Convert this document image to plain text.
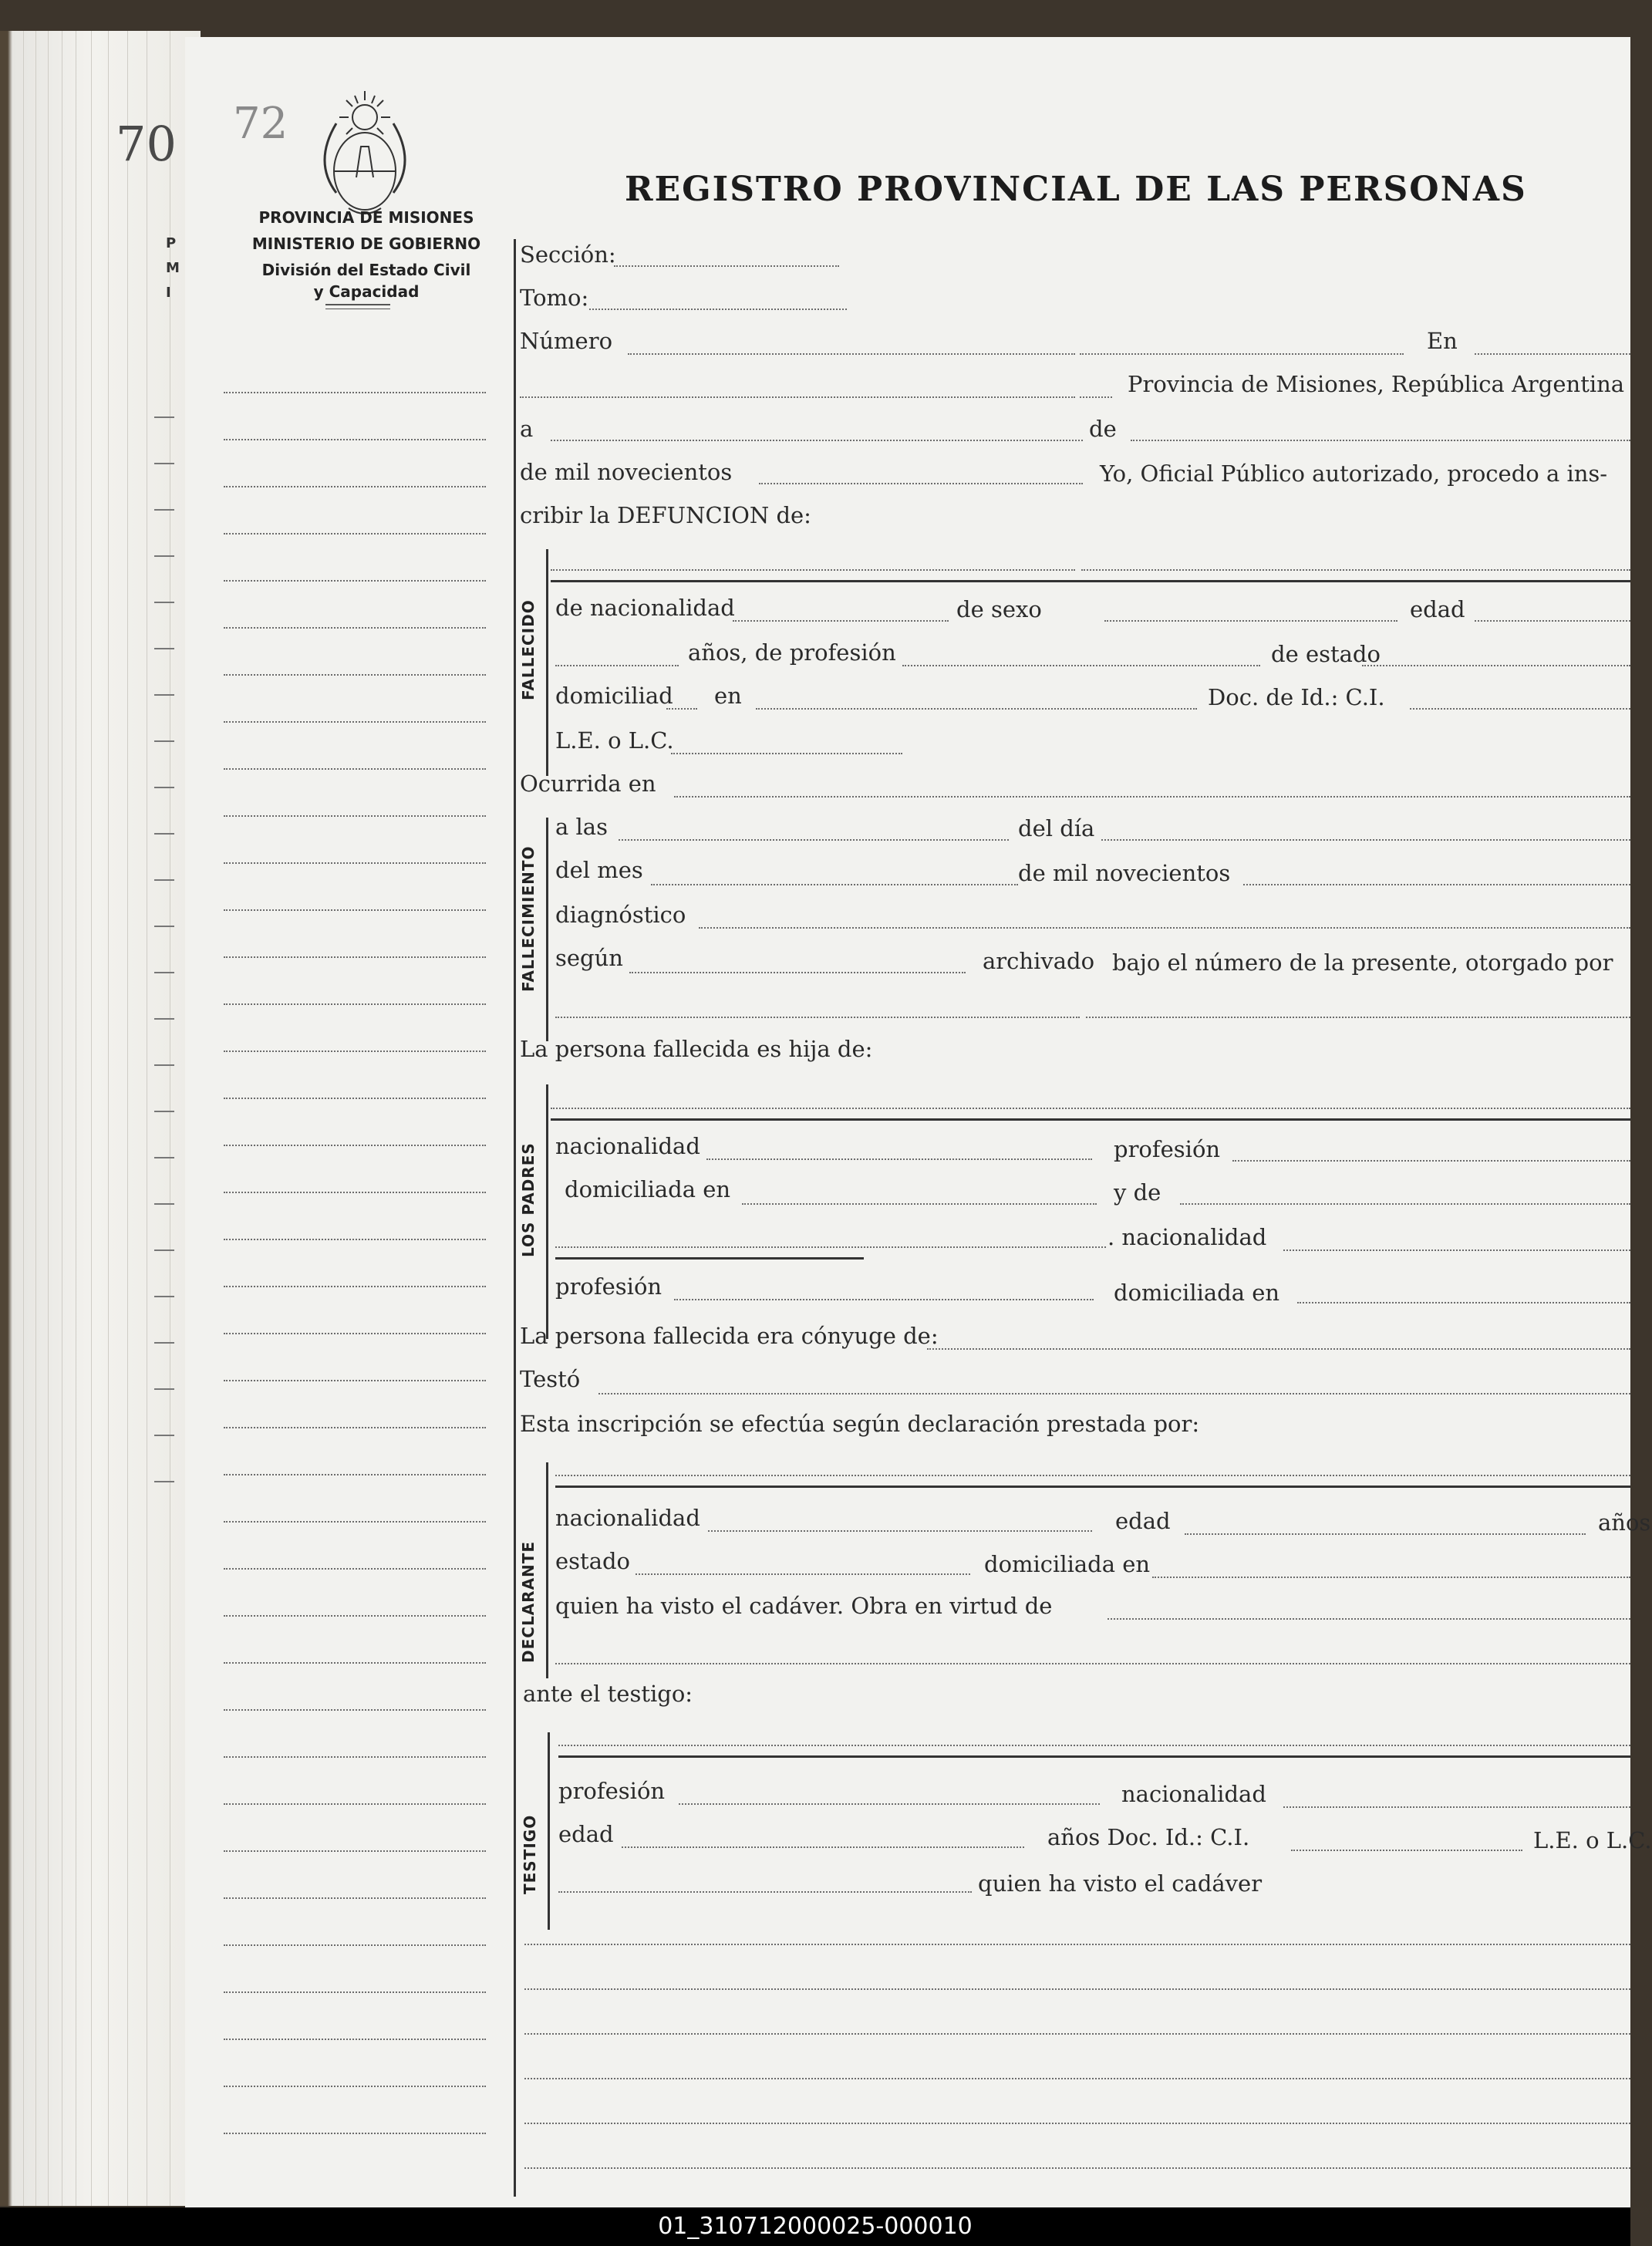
70
P
M
I
72
PROVINCIA DE MISIONES
MINISTERIO DE GOBIERNO
División del Estado Civil
y Capacidad
REGISTRO PROVINCIAL DE LAS PERSONAS
Sección:
Tomo:
Número	En
Provincia de Misiones, República Argentina
a	de
de mil novecientos	Yo, Oficial Público autorizado, procedo a ins-
cribir la DEFUNCION de:
FALLECIDO de nacionalidad	de sexo	edad
años, de profesión	de estado
domiciliad en	Doc. de Id.: C.I.
L.E. o L.C.
Ocurrida en
FALLECIMIENTO
a las	del día
del mes	de mil novecientos
diagnóstico
según	archivado bajo el número de la presente, otorgado por
La persona fallecida es hija de:
LOS PADRES nacionalidad	profesión
domiciliada en	y de
. nacionalidad
profesión	domiciliada en
La persona fallecida era cónyuge de:
Testó
Esta inscripción se efectúa según declaración prestada por:
DECLARANTE
nacionalidad	edad	años
estado	domiciliada en
quien ha visto el cadáver. Obra en virtud de
ante el testigo:
TESTIGO
profesión	nacionalidad
edad	años Doc. Id.: C.I.	L.E. o L.C.
quien ha visto el cadáver
01_310712000025-000010
